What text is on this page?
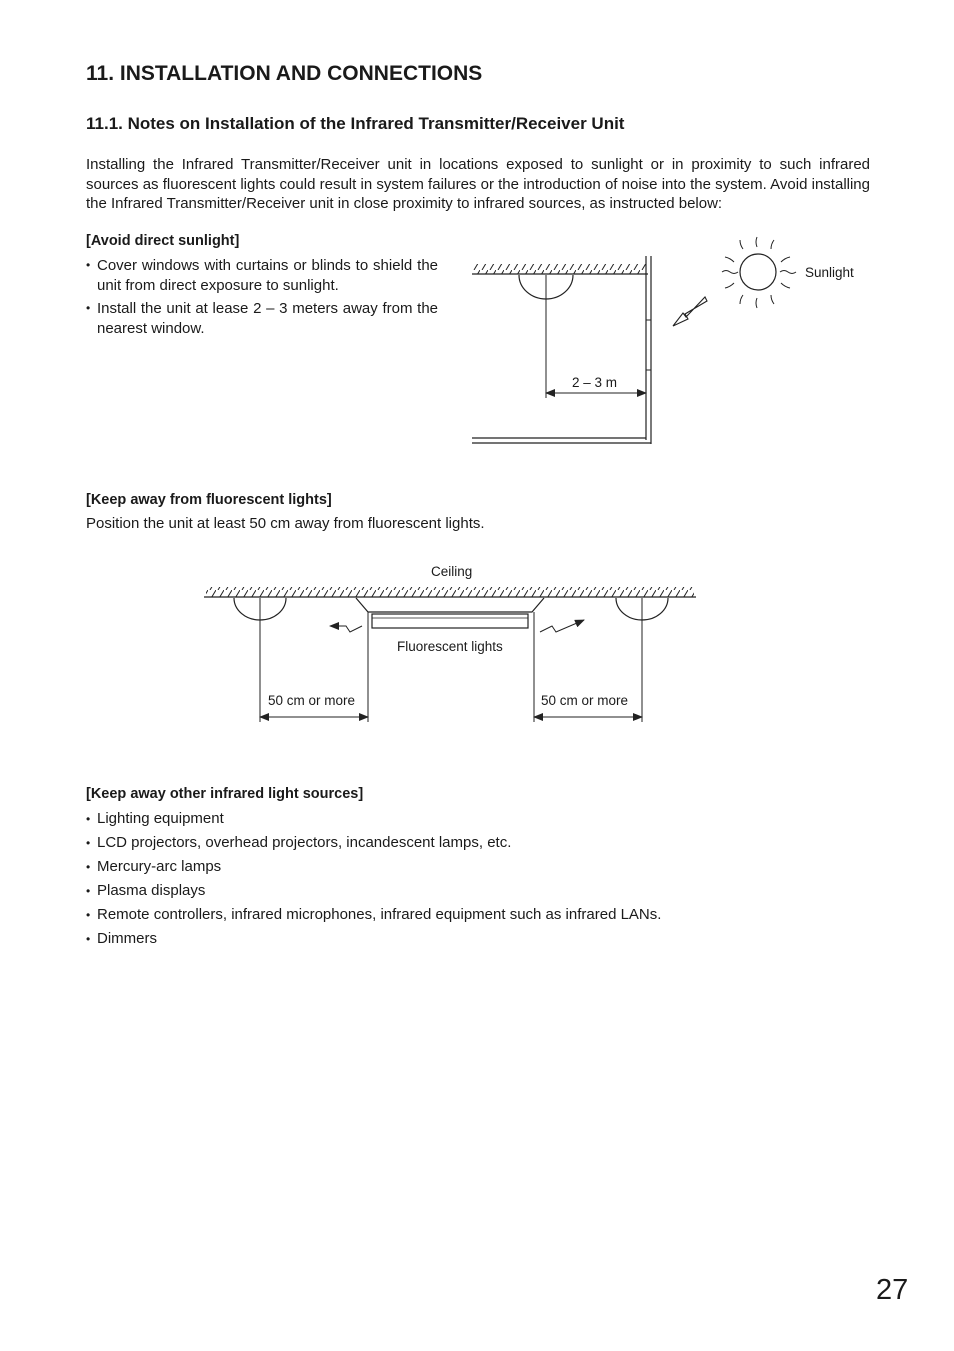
11. INSTALLATION AND CONNECTIONS
11.1. Notes on Installation of the Infrared Transmitter/Receiver Unit

Installing the Infrared Transmitter/Receiver unit in locations exposed to sunlight or in proximity to such infrared sources as fluorescent lights could result in system failures or the introduction of noise into the system. Avoid installing the Infrared Transmitter/Receiver unit in close proximity to infrared sources, as instructed below:

[Avoid direct sunlight]

• Cover windows with curtains or blinds to shield the unit from direct exposure to sunlight.
• Install the unit at lease 2 – 3 meters away from the nearest window.
2 – 3 m
Sunlight

[Keep away from fluorescent lights]

Position the unit at least 50 cm away from fluorescent lights.

Ceiling
Fluorescent lights
50 cm or more	50 cm or more

[Keep away other infrared light sources]

• Lighting equipment
• LCD projectors, overhead projectors, incandescent lamps, etc.
• Mercury-arc lamps
• Plasma displays
• Remote controllers, infrared microphones, infrared equipment such as infrared LANs.
• Dimmers
27
